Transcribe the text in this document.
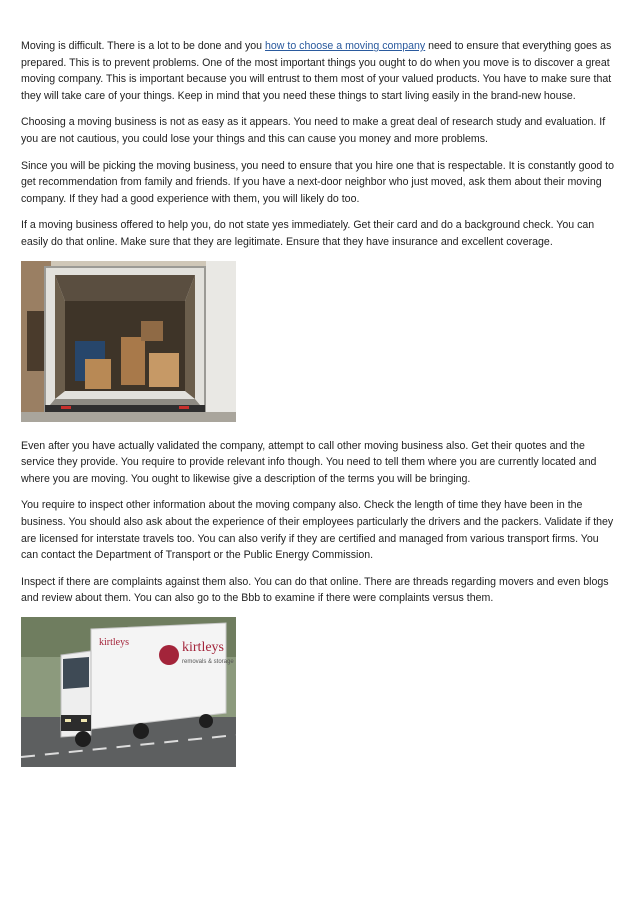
Moving is difficult. There is a lot to be done and you how to choose a moving company need to ensure that everything goes as prepared. This is to prevent problems. One of the most important things you ought to do when you move is to discover a great moving company. This is important because you will entrust to them most of your valued products. You have to make sure that they will take care of your things. Keep in mind that you need these things to start living easily in the brand-new house.

Choosing a moving business is not as easy as it appears. You need to make a great deal of research study and evaluation. If you are not cautious, you could lose your things and this can cause you money and more problems.

Since you will be picking the moving business, you need to ensure that you hire one that is respectable. It is constantly good to get recommendation from family and friends. If you have a next-door neighbor who just moved, ask them about their moving company. If they had a good experience with them, you will likely do too.

If a moving business offered to help you, do not state yes immediately. Get their card and do a background check. You can easily do that online. Make sure that they are legitimate. Ensure that they have insurance and excellent coverage.

Even after you have actually validated the company, attempt to call other moving business also. Get their quotes and the service they provide. You require to provide relevant info though. You need to tell them where you are currently located and where you are moving. You ought to likewise give a description of the terms you will be bringing.

You require to inspect other information about the moving company also. Check the length of time they have been in the business. You should also ask about the experience of their employees particularly the drivers and the packers. Validate if they are licensed for interstate travels too. You can also verify if they are certified and managed from various transport firms. You can contact the Department of Transport or the Public Energy Commission.

Inspect if there are complaints against them also. You can do that online. There are threads regarding movers and even blogs and review about them. You can also go to the Bbb to examine if there were complaints versus them.

kirtleys
removals & storage
kirtleys
